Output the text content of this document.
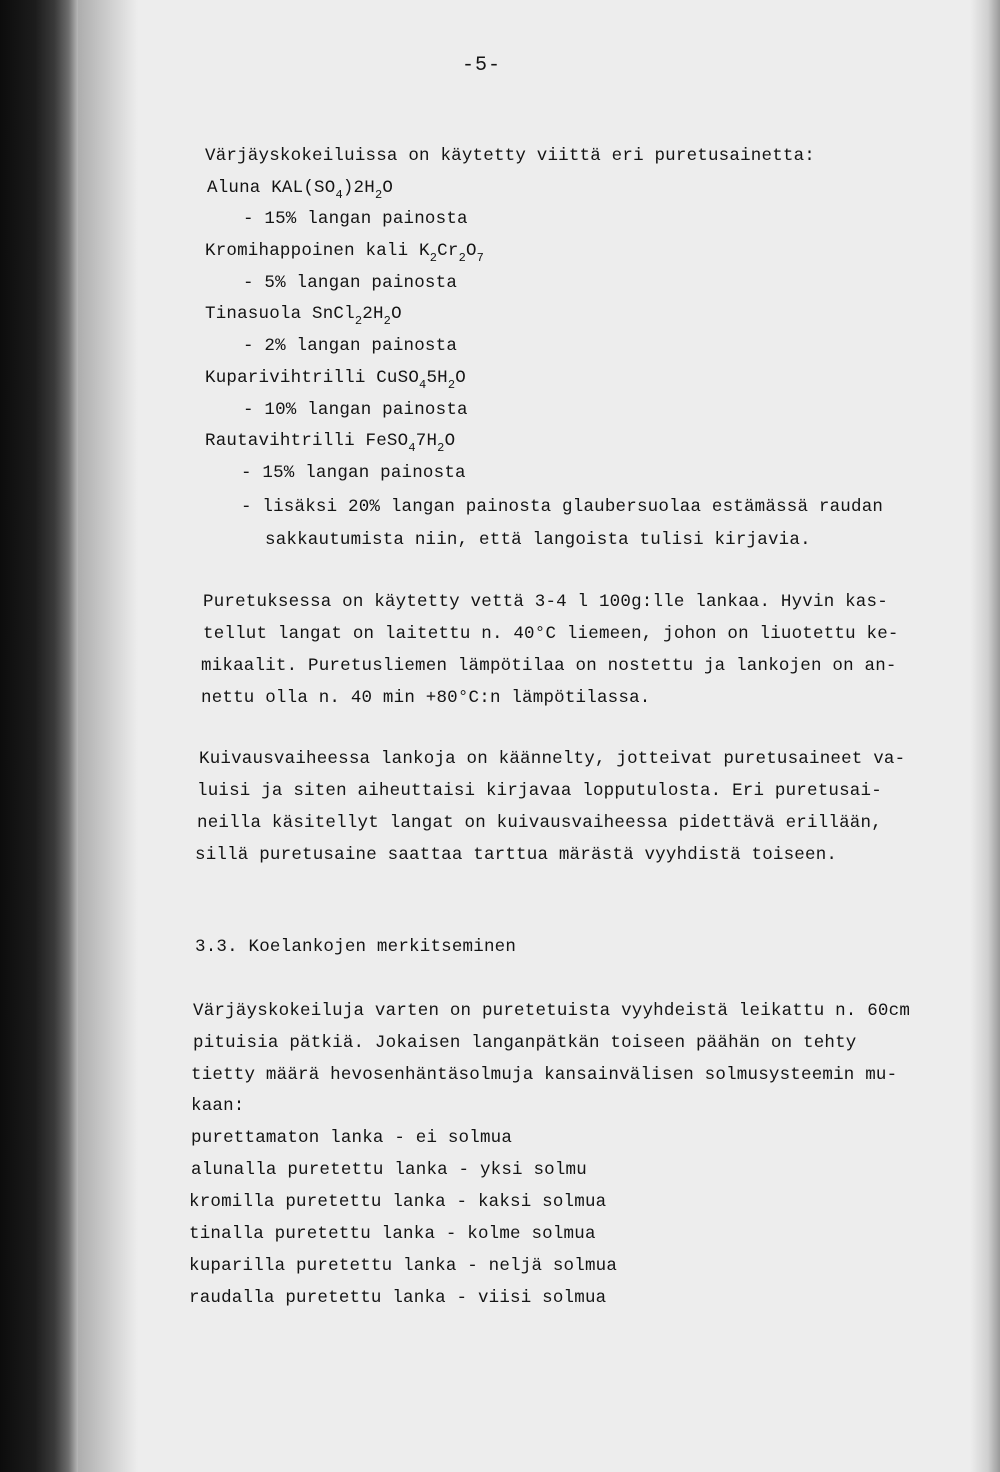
-5-
Värjäyskokeiluissa on käytetty viittä eri puretusainetta:
Aluna $KAL(SO_4)2H_2O$
- 15% langan painosta
Kromihappoinen kali $K_2Cr_2O_7$
- 5% langan painosta
Tinasuola $SnCl_22H_2O$
- 2% langan painosta
Kuparivihtrilli $CuSO_45H_2O$
- 10% langan painosta
Rautavihtrilli $FeSO_47H_2O$
- 15% langan painosta
- lisäksi 20% langan painosta glaubersuolaa estämässä raudan
sakkautumista niin, että langoista tulisi kirjavia.
Puretuksessa on käytetty vettä 3-4 l 100g:lle lankaa. Hyvin kas-
tellut langat on laitettu n. 40°C liemeen, johon on liuotettu ke-
mikaalit. Puretusliemen lämpötilaa on nostettu ja lankojen on an-
nettu olla n. 40 min +80°C:n lämpötilassa.
Kuivausvaiheessa lankoja on käännelty, jotteivat puretusaineet va-
luisi ja siten aiheuttaisi kirjavaa lopputulosta. Eri puretusai-
neilla käsitellyt langat on kuivausvaiheessa pidettävä erillään,
sillä puretusaine saattaa tarttua märästä vyyhdistä toiseen.
3.3. Koelankojen merkitseminen
Värjäyskokeiluja varten on puretetuista vyyhdeistä leikattu n. 60cm
pituisia pätkiä. Jokaisen langanpätkän toiseen päähän on tehty
tietty määrä hevosenhäntäsolmuja kansainvälisen solmusysteemin mu-
kaan:
purettamaton lanka - ei solmua
alunalla puretettu lanka - yksi solmu
kromilla puretettu lanka - kaksi solmua
tinalla puretettu lanka - kolme solmua
kuparilla puretettu lanka - neljä solmua
raudalla puretettu lanka - viisi solmua
